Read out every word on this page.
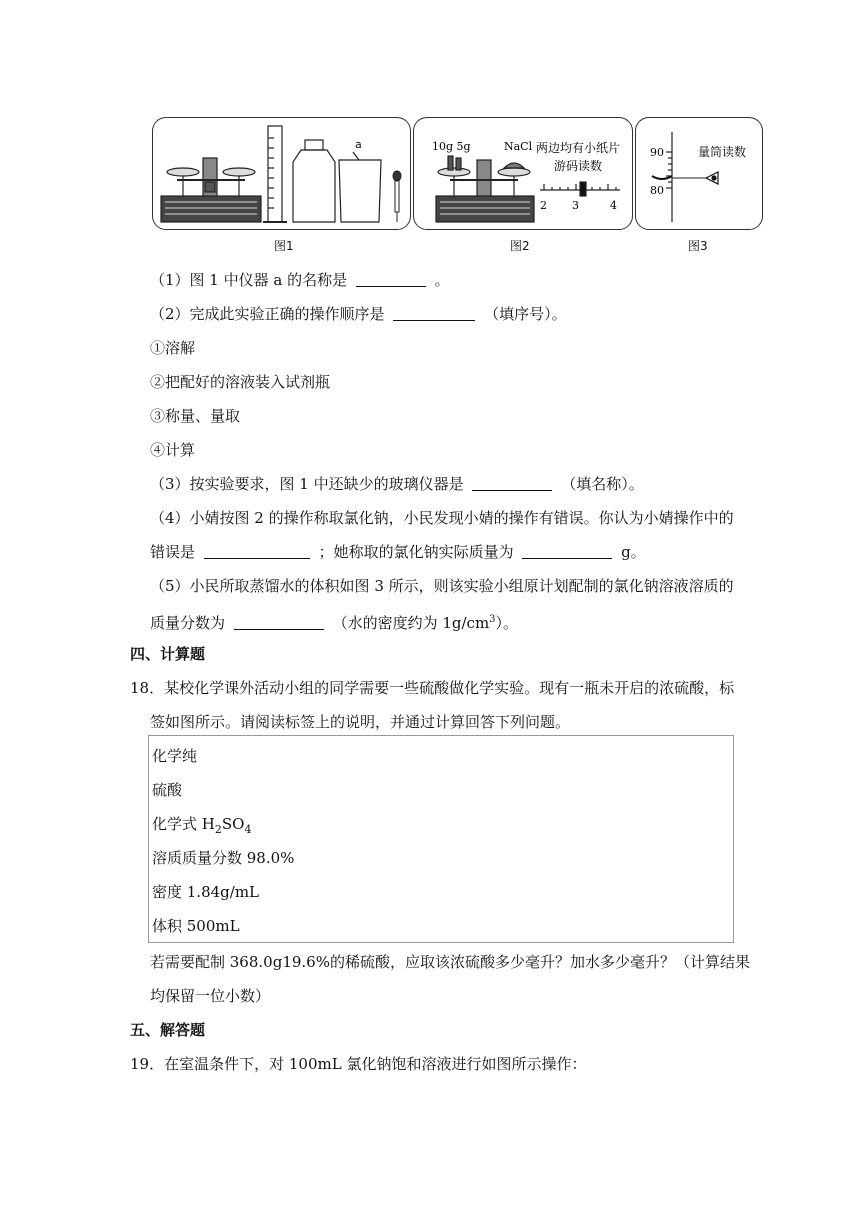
a
图1
10g 5g	NaCl 两边均有小纸片
游码读数
2 3	4
图2
90
80
量筒读数
图3
（1）图 1 中仪器 a 的名称是	。
（2）完成此实验正确的操作顺序是	（填序号）。
①溶解
②把配好的溶液装入试剂瓶
③称量、量取
④计算
（3）按实验要求，图 1 中还缺少的玻璃仪器是	（填名称）。
（4）小婧按图 2 的操作称取氯化钠，小民发现小婧的操作有错误。你认为小婧操作中的
错误是	；她称取的氯化钠实际质量为	g。
（5）小民所取蒸馏水的体积如图 3 所示，则该实验小组原计划配制的氯化钠溶液溶质的
质量分数为	（水的密度约为 $1g/cm^3$）。
四、计算题
18．某校化学课外活动小组的同学需要一些硫酸做化学实验。现有一瓶未开启的浓硫酸，标
签如图所示。请阅读标签上的说明，并通过计算回答下列问题。
化学纯
硫酸
化学式 $H_2SO_4$
溶质质量分数 98.0%
密度 1.84g/mL
体积 500mL
若需要配制 368.0g19.6%的稀硫酸，应取该浓硫酸多少毫升？加水多少毫升？（计算结果
均保留一位小数）
五、解答题
19．在室温条件下，对 100mL 氯化钠饱和溶液进行如图所示操作：
